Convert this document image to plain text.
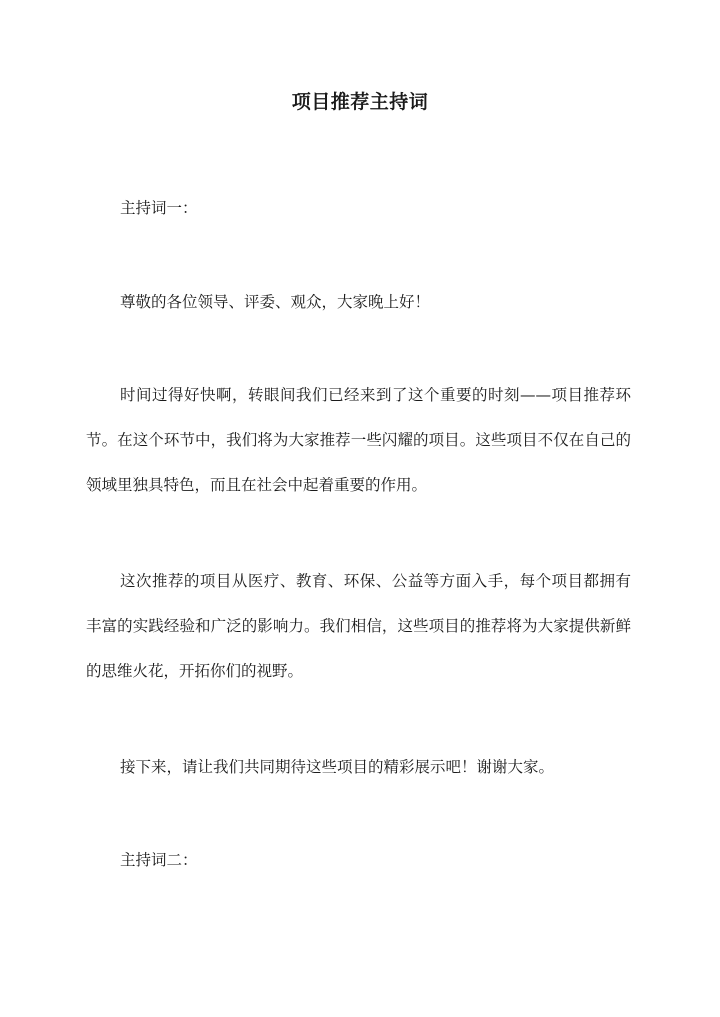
项目推荐主持词

主持词一：

尊敬的各位领导、评委、观众，大家晚上好！

时间过得好快啊，转眼间我们已经来到了这个重要的时刻——项目推荐环节。在这个环节中，我们将为大家推荐一些闪耀的项目。这些项目不仅在自己的领域里独具特色，而且在社会中起着重要的作用。

这次推荐的项目从医疗、教育、环保、公益等方面入手，每个项目都拥有丰富的实践经验和广泛的影响力。我们相信，这些项目的推荐将为大家提供新鲜的思维火花，开拓你们的视野。

接下来，请让我们共同期待这些项目的精彩展示吧！谢谢大家。

主持词二：
